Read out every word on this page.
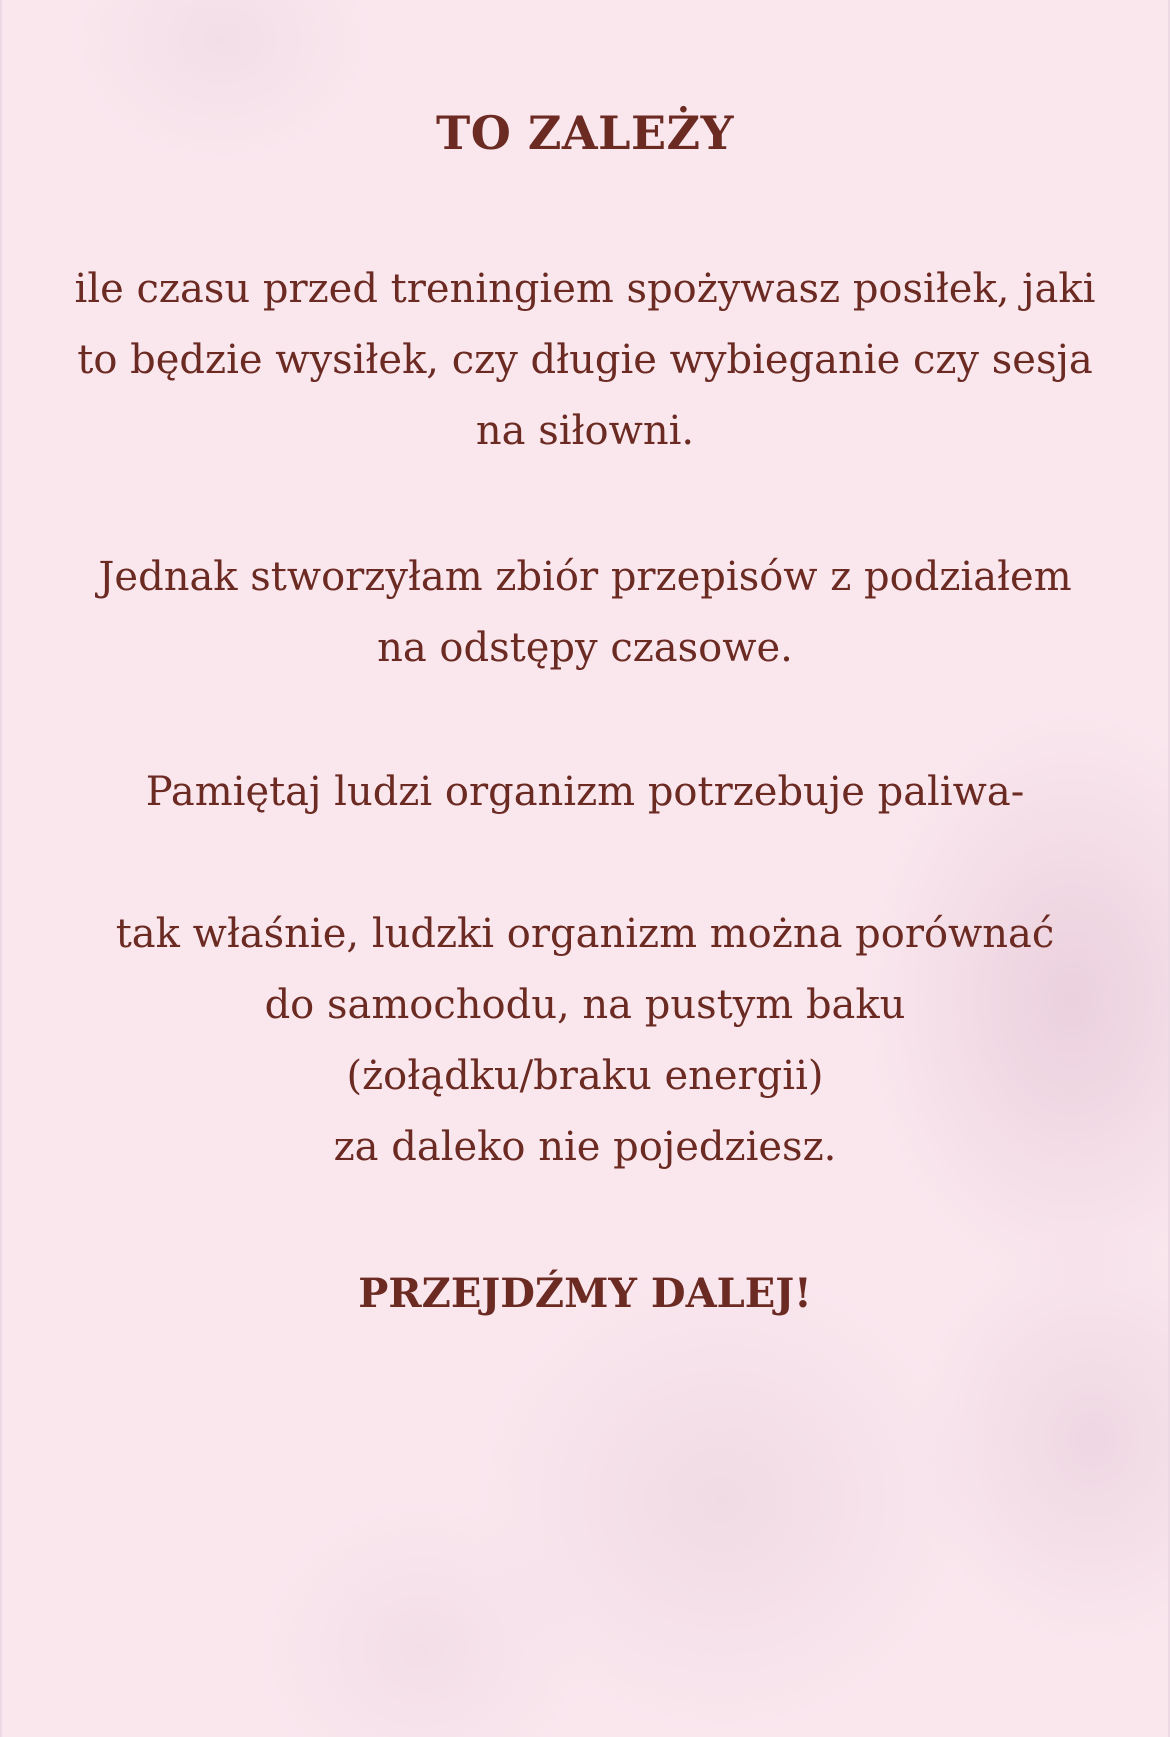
TO ZALEŻY

ile czasu przed treningiem spożywasz posiłek, jaki
to będzie wysiłek, czy długie wybieganie czy sesja
na siłowni.

Jednak stworzyłam zbiór przepisów z podziałem
na odstępy czasowe.

Pamiętaj ludzi organizm potrzebuje paliwa-

tak właśnie, ludzki organizm można porównać
do samochodu, na pustym baku
(żołądku/braku energii)
za daleko nie pojedziesz.

PRZEJDŹMY DALEJ!
